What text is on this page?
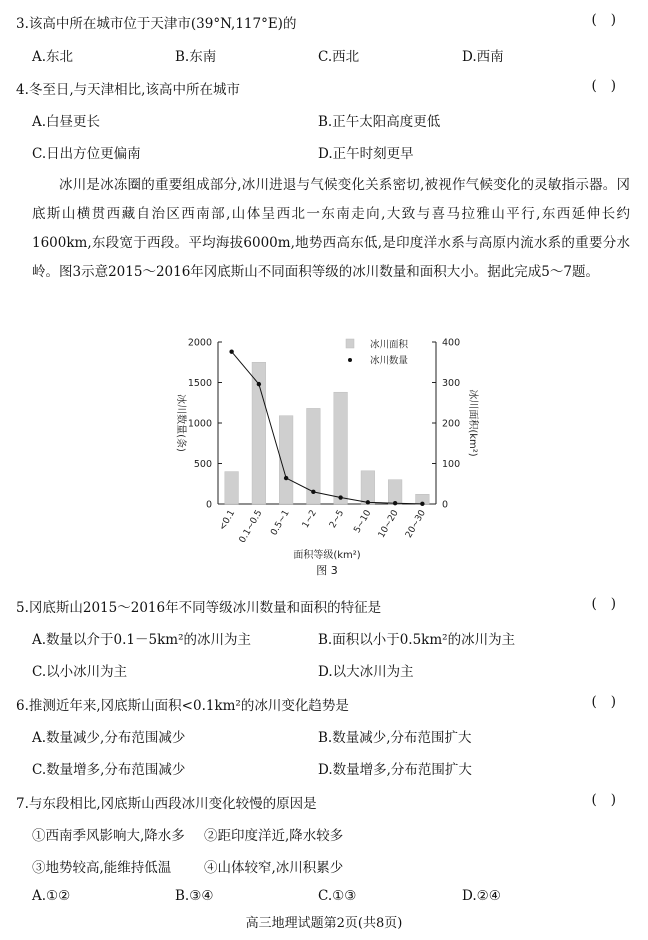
3.该高中所在城市位于天津市(39°N,117°E)的	()
A.东北	B.东南	C.西北	D.西南
4.冬至日,与天津相比,该高中所在城市	()
A.白昼更长	B.正午太阳高度更低
C.日出方位更偏南	D.正午时刻更早
冰川是冰冻圈的重要组成部分,冰川进退与气候变化关系密切,被视作气候变化的灵敏指示器。冈底斯山横贯西藏自治区西南部,山体呈西北一东南走向,大致与喜马拉雅山平行,东西延伸长约1600km,东段宽于西段。平均海拔6000m,地势西高东低,是印度洋水系与高原内流水系的重要分水岭。图3示意2015～2016年冈底斯山不同面积等级的冰川数量和面积大小。据此完成5～7题。
0
500
1000
1500
2000
0
100
200
300
400
<0.1 0.1~0.5 0.5~1 1~2 2~5 5~10 10~20 20~30
冰川数量(条)	冰川面积(km²)
面积等级(km²)
图 3
冰川面积
冰川数量
5.冈底斯山2015～2016年不同等级冰川数量和面积的特征是	()
A.数量以介于0.1－5km²的冰川为主	B.面积以小于0.5km²的冰川为主
C.以小冰川为主	D.以大冰川为主
6.推测近年来,冈底斯山面积<0.1km²的冰川变化趋势是	()
A.数量减少,分布范围减少	B.数量减少,分布范围扩大
C.数量增多,分布范围减少	D.数量增多,分布范围扩大
7.与东段相比,冈底斯山西段冰川变化较慢的原因是	()
①西南季风影响大,降水多 ②距印度洋近,降水较多
③地势较高,能维持低温 ④山体较窄,冰川积累少
A.①②	B.③④	C.①③	D.②④
高三地理试题第2页(共8页)
